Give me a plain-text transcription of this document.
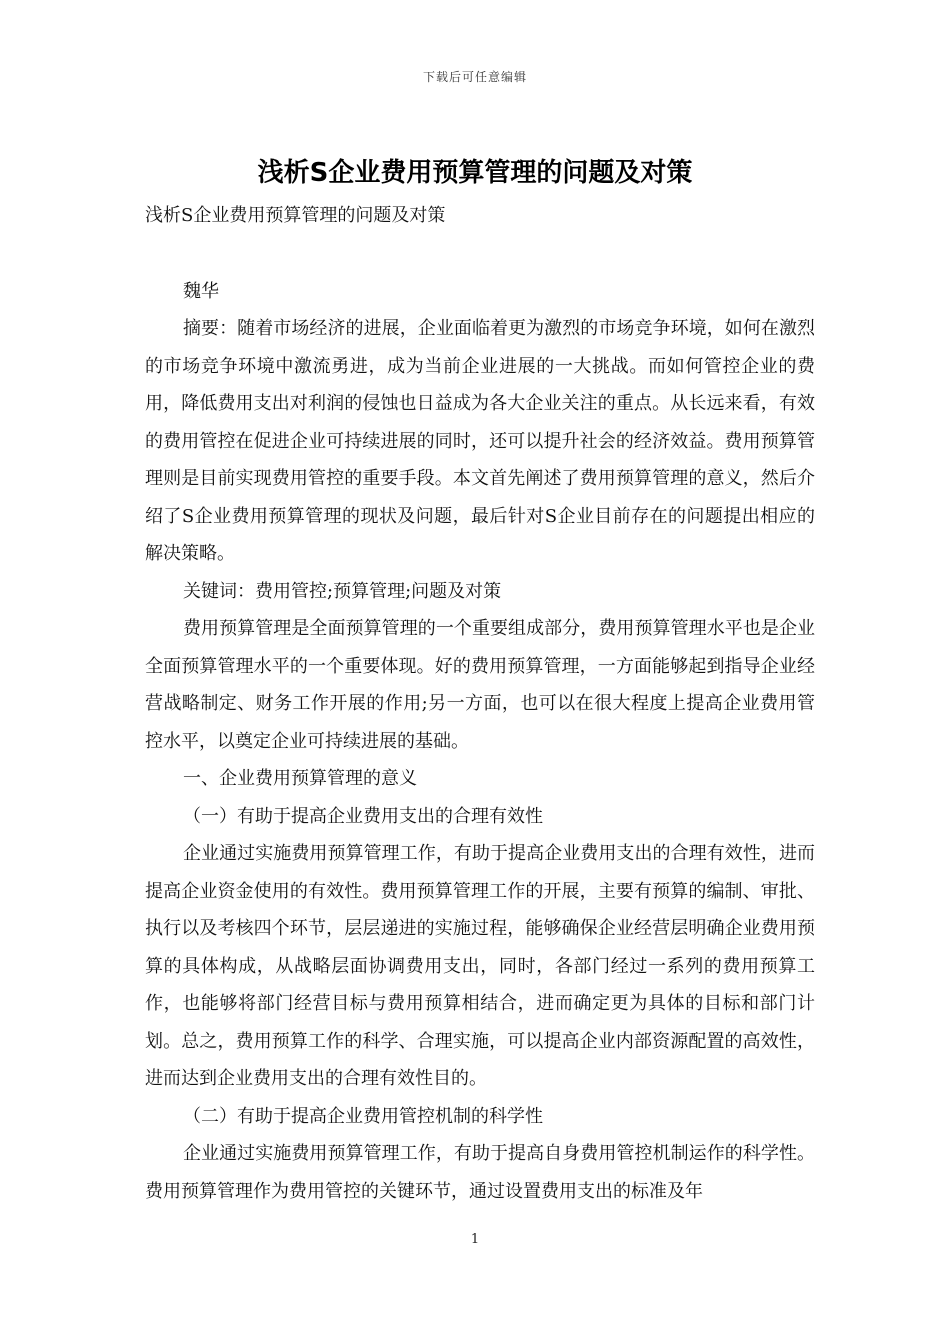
下载后可任意编辑
浅析S企业费用预算管理的问题及对策

浅析S企业费用预算管理的问题及对策

魏华

摘要：随着市场经济的进展，企业面临着更为激烈的市场竞争环境，如何在激烈的市场竞争环境中激流勇进，成为当前企业进展的一大挑战。而如何管控企业的费用，降低费用支出对利润的侵蚀也日益成为各大企业关注的重点。从长远来看，有效的费用管控在促进企业可持续进展的同时，还可以提升社会的经济效益。费用预算管理则是目前实现费用管控的重要手段。本文首先阐述了费用预算管理的意义，然后介绍了S企业费用预算管理的现状及问题，最后针对S企业目前存在的问题提出相应的解决策略。

关键词：费用管控;预算管理;问题及对策

费用预算管理是全面预算管理的一个重要组成部分，费用预算管理水平也是企业全面预算管理水平的一个重要体现。好的费用预算管理，一方面能够起到指导企业经营战略制定、财务工作开展的作用;另一方面，也可以在很大程度上提高企业费用管控水平，以奠定企业可持续进展的基础。

一、企业费用预算管理的意义

（一）有助于提高企业费用支出的合理有效性

企业通过实施费用预算管理工作，有助于提高企业费用支出的合理有效性，进而提高企业资金使用的有效性。费用预算管理工作的开展，主要有预算的编制、审批、执行以及考核四个环节，层层递进的实施过程，能够确保企业经营层明确企业费用预算的具体构成，从战略层面协调费用支出，同时，各部门经过一系列的费用预算工作，也能够将部门经营目标与费用预算相结合，进而确定更为具体的目标和部门计划。总之，费用预算工作的科学、合理实施，可以提高企业内部资源配置的高效性，进而达到企业费用支出的合理有效性目的。

（二）有助于提高企业费用管控机制的科学性

企业通过实施费用预算管理工作，有助于提高自身费用管控机制运作的科学性。费用预算管理作为费用管控的关键环节，通过设置费用支出的标准及年

1
